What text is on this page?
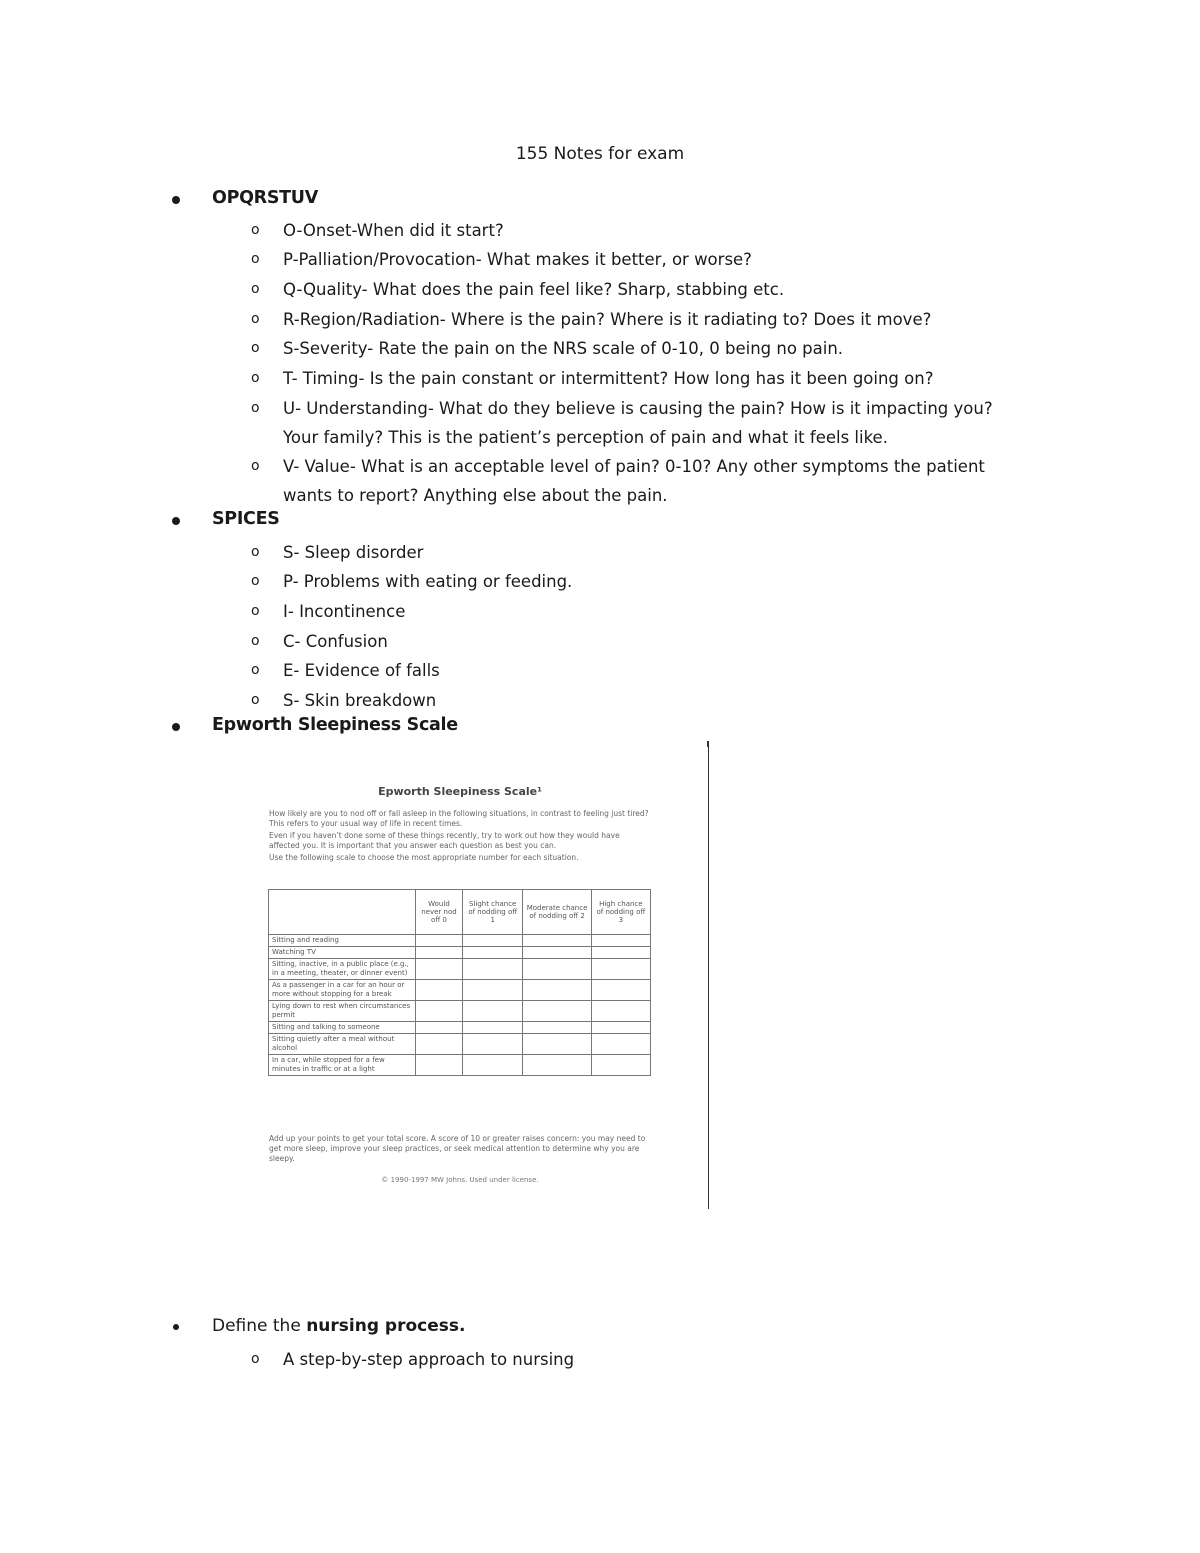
155 Notes for exam
OPQRSTUV
o O-Onset-When did it start?
o P-Palliation/Provocation- What makes it better, or worse?
o Q-Quality- What does the pain feel like? Sharp, stabbing etc.
o R-Region/Radiation- Where is the pain? Where is it radiating to? Does it move?
o S-Severity- Rate the pain on the NRS scale of 0-10, 0 being no pain.
o T- Timing- Is the pain constant or intermittent? How long has it been going on?
o U- Understanding- What do they believe is causing the pain? How is it impacting you?
Your family? This is the patient’s perception of pain and what it feels like.
o V- Value- What is an acceptable level of pain? 0-10? Any other symptoms the patient
wants to report? Anything else about the pain.
SPICES
o S- Sleep disorder
o P- Problems with eating or feeding.
o I- Incontinence
o C- Confusion
o E- Evidence of falls
o S- Skin breakdown
Epworth Sleepiness Scale
Epworth Sleepiness Scale¹
How likely are you to nod off or fall asleep in the following situations, in contrast to feeling just tired? This refers to your usual way of life in recent times.
Even if you haven’t done some of these things recently, try to work out how they would have affected you. It is important that you answer each question as best you can.
Use the following scale to choose the most appropriate number for each situation.
	Would never nod off 0	Slight chance of nodding off 1	Moderate chance of nodding off 2	High chance of nodding off 3
Sitting and reading				
Watching TV				
Sitting, inactive, in a public place (e.g., in a meeting, theater, or dinner event)				
As a passenger in a car for an hour or more without stopping for a break				
Lying down to rest when circumstances permit				
Sitting and talking to someone				
Sitting quietly after a meal without alcohol				
In a car, while stopped for a few minutes in traffic or at a light				
Add up your points to get your total score. A score of 10 or greater raises concern: you may need to get more sleep, improve your sleep practices, or seek medical attention to determine why you are sleepy.
© 1990-1997 MW Johns. Used under license.
Define the nursing process.
o A step-by-step approach to nursing
